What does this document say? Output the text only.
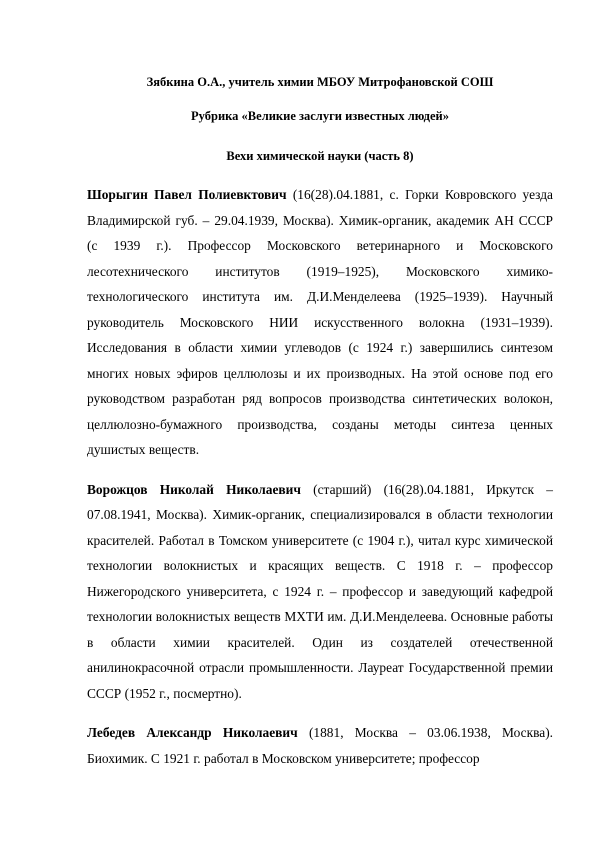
Зябкина О.А., учитель химии МБОУ Митрофановской СОШ

Рубрика «Великие заслуги известных людей»

Вехи химической науки (часть 8)

Шорыгин Павел Полиевктович (16(28).04.1881, с. Горки Ковровского уезда Владимирской губ. – 29.04.1939, Москва). Химик-органик, академик АН СССР (с 1939 г.). Профессор Московского ветеринарного и Московского лесотехнического институтов (1919–1925), Московского химико-технологического института им. Д.И.Менделеева (1925–1939). Научный руководитель Московского НИИ искусственного волокна (1931–1939). Исследования в области химии углеводов (с 1924 г.) завершились синтезом многих новых эфиров целлюлозы и их производных. На этой основе под его руководством разработан ряд вопросов производства синтетических волокон, целлюлозно-бумажного производства, созданы методы синтеза ценных душистых веществ.

Ворожцов Николай Николаевич (старший) (16(28).04.1881, Иркутск – 07.08.1941, Москва). Химик-органик, специализировался в области технологии красителей. Работал в Томском университете (с 1904 г.), читал курс химической технологии волокнистых и красящих веществ. С 1918 г. – профессор Нижегородского университета, с 1924 г. – профессор и заведующий кафедрой технологии волокнистых веществ МХТИ им. Д.И.Менделеева. Основные работы в области химии красителей. Один из создателей отечественной анилинокрасочной отрасли промышленности. Лауреат Государственной премии СССР (1952 г., посмертно).

Лебедев Александр Николаевич (1881, Москва – 03.06.1938, Москва). Биохимик. С 1921 г. работал в Московском университете; профессор
